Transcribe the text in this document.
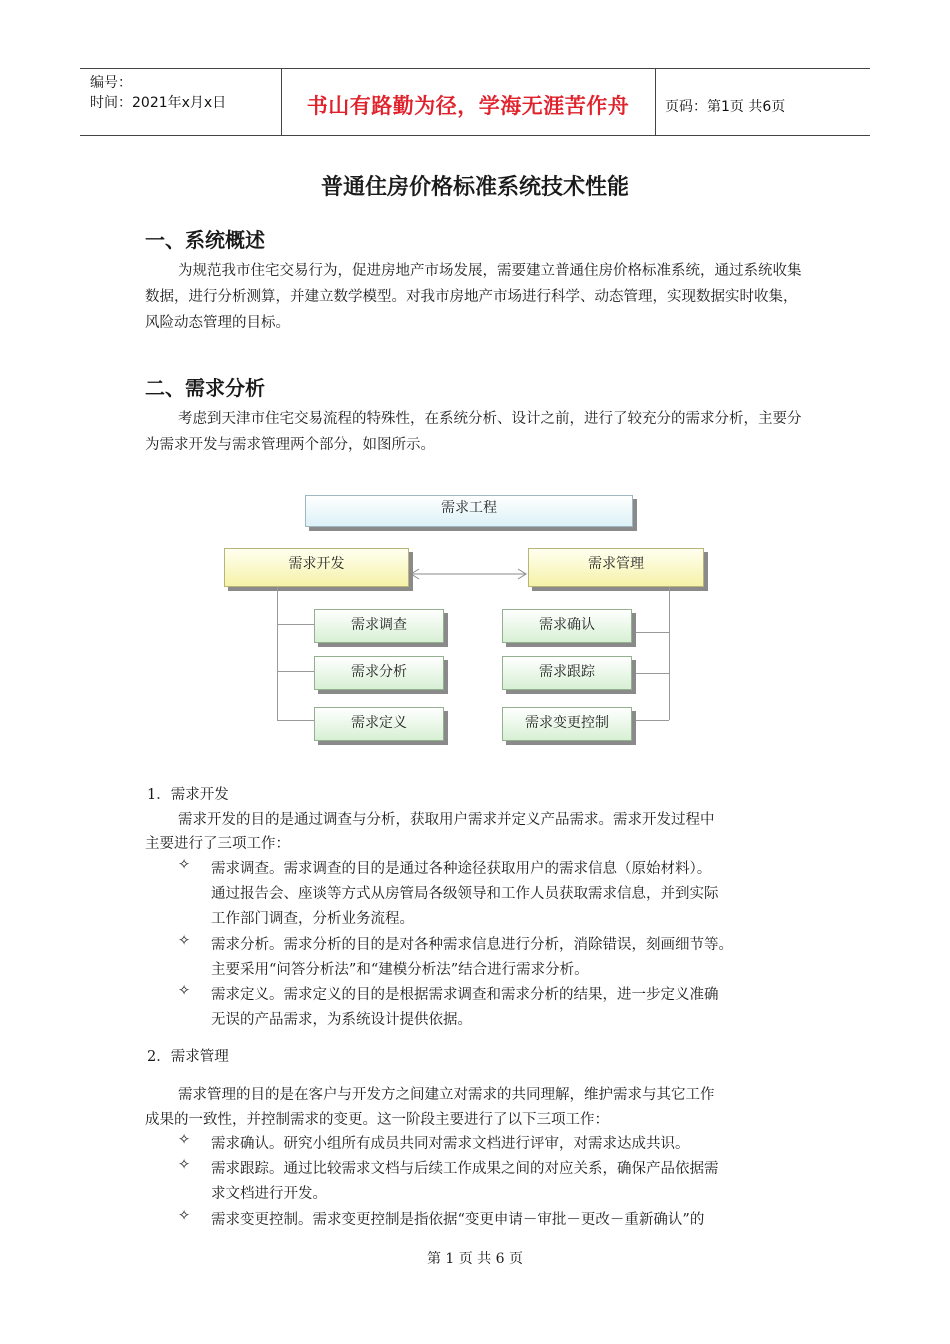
编号：
时间：2021年x月x日	书山有路勤为径，学海无涯苦作舟	页码：第1页 共6页
普通住房价格标准系统技术性能
一、系统概述
为规范我市住宅交易行为，促进房地产市场发展，需要建立普通住房价格标准系统，通过系统收集数据，进行分析测算，并建立数学模型。对我市房地产市场进行科学、动态管理，实现数据实时收集，风险动态管理的目标。
二、需求分析
考虑到天津市住宅交易流程的特殊性，在系统分析、设计之前，进行了较充分的需求分析，主要分为需求开发与需求管理两个部分，如图所示。
需求工程
需求开发	需求管理
需求调查
需求分析
需求定义
需求确认
需求跟踪
需求变更控制
1．需求开发
需求开发的目的是通过调查与分析，获取用户需求并定义产品需求。需求开发过程中
主要进行了三项工作：
✧ 需求调查。需求调查的目的是通过各种途径获取用户的需求信息（原始材料）。
通过报告会、座谈等方式从房管局各级领导和工作人员获取需求信息，并到实际
工作部门调查，分析业务流程。
✧ 需求分析。需求分析的目的是对各种需求信息进行分析，消除错误，刻画细节等。
主要采用“问答分析法”和“建模分析法”结合进行需求分析。
✧ 需求定义。需求定义的目的是根据需求调查和需求分析的结果，进一步定义准确
无误的产品需求，为系统设计提供依据。
2．需求管理
需求管理的目的是在客户与开发方之间建立对需求的共同理解，维护需求与其它工作
成果的一致性，并控制需求的变更。这一阶段主要进行了以下三项工作：
✧ 需求确认。研究小组所有成员共同对需求文档进行评审，对需求达成共识。
✧ 需求跟踪。通过比较需求文档与后续工作成果之间的对应关系，确保产品依据需
求文档进行开发。
✧ 需求变更控制。需求变更控制是指依据“变更申请－审批－更改－重新确认”的
第 1 页 共 6 页
